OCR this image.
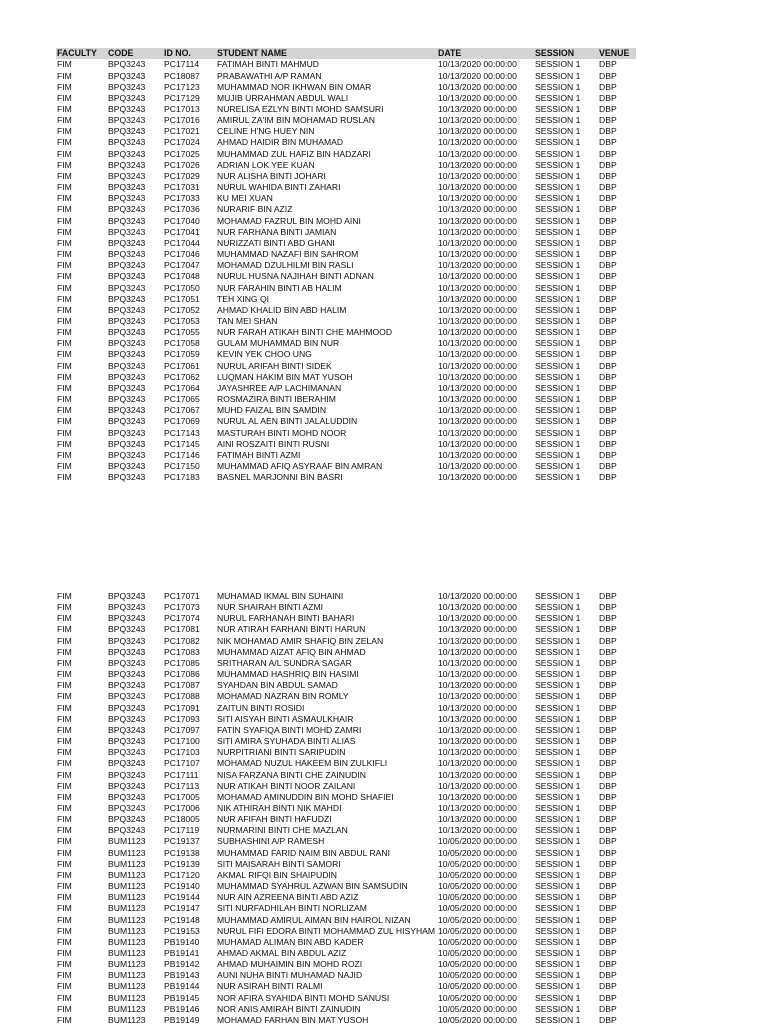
FACULTY CODE	ID NO.	STUDENT NAME	DATE	SESSION	VENUE
FIM	BPQ3243 PC17114 FATIMAH BINTI MAHMUD	10/13/2020 00:00:00 SESSION 1 DBP
FIM	BPQ3243 PC18087 PRABAWATHI A/P RAMAN	10/13/2020 00:00:00 SESSION 1 DBP
FIM	BPQ3243 PC17123 MUHAMMAD NOR IKHWAN BIN OMAR	10/13/2020 00:00:00 SESSION 1 DBP
FIM	BPQ3243 PC17129 MUJIB URRAHMAN ABDUL WALI	10/13/2020 00:00:00 SESSION 1 DBP
FIM	BPQ3243 PC17013 NURELISA EZLYN BINTI MOHD SAMSURI	10/13/2020 00:00:00 SESSION 1 DBP
FIM	BPQ3243 PC17016 AMIRUL ZA'IM BIN MOHAMAD RUSLAN	10/13/2020 00:00:00 SESSION 1 DBP
FIM	BPQ3243 PC17021 CELINE H'NG HUEY NIN	10/13/2020 00:00:00 SESSION 1 DBP
FIM	BPQ3243 PC17024 AHMAD HAIDIR BIN MUHAMAD	10/13/2020 00:00:00 SESSION 1 DBP
FIM	BPQ3243 PC17025 MUHAMMAD ZUL HAFIZ BIN HADZARI	10/13/2020 00:00:00 SESSION 1 DBP
FIM	BPQ3243 PC17026 ADRIAN LOK YEE KUAN	10/13/2020 00:00:00 SESSION 1 DBP
FIM	BPQ3243 PC17029 NUR ALISHA BINTI JOHARI	10/13/2020 00:00:00 SESSION 1 DBP
FIM	BPQ3243 PC17031 NURUL WAHIDA BINTI ZAHARI	10/13/2020 00:00:00 SESSION 1 DBP
FIM	BPQ3243 PC17033 KU MEI XUAN	10/13/2020 00:00:00 SESSION 1 DBP
FIM	BPQ3243 PC17036 NURARIF BIN AZIZ	10/13/2020 00:00:00 SESSION 1 DBP
FIM	BPQ3243 PC17040 MOHAMAD FAZRUL BIN MOHD AINI	10/13/2020 00:00:00 SESSION 1 DBP
FIM	BPQ3243 PC17041 NUR FARHANA BINTI JAMIAN	10/13/2020 00:00:00 SESSION 1 DBP
FIM	BPQ3243 PC17044 NURIZZATI BINTI ABD GHANI	10/13/2020 00:00:00 SESSION 1 DBP
FIM	BPQ3243 PC17046 MUHAMMAD NAZAFI BIN SAHROM	10/13/2020 00:00:00 SESSION 1 DBP
FIM	BPQ3243 PC17047 MOHAMAD DZULHILMI BIN RASLI	10/13/2020 00:00:00 SESSION 1 DBP
FIM	BPQ3243 PC17048 NURUL HUSNA NAJIHAH BINTI ADNAN	10/13/2020 00:00:00 SESSION 1 DBP
FIM	BPQ3243 PC17050 NUR FARAHIN BINTI AB HALIM	10/13/2020 00:00:00 SESSION 1 DBP
FIM	BPQ3243 PC17051 TEH XING QI	10/13/2020 00:00:00 SESSION 1 DBP
FIM	BPQ3243 PC17052 AHMAD KHALID BIN ABD HALIM	10/13/2020 00:00:00 SESSION 1 DBP
FIM	BPQ3243 PC17053 TAN MEI SHAN	10/13/2020 00:00:00 SESSION 1 DBP
FIM	BPQ3243 PC17055 NUR FARAH ATIKAH BINTI CHE MAHMOOD	10/13/2020 00:00:00 SESSION 1 DBP
FIM	BPQ3243 PC17058 GULAM MUHAMMAD BIN NUR	10/13/2020 00:00:00 SESSION 1 DBP
FIM	BPQ3243 PC17059 KEVIN YEK CHOO UNG	10/13/2020 00:00:00 SESSION 1 DBP
FIM	BPQ3243 PC17061 NURUL ARIFAH BINTI SIDEK	10/13/2020 00:00:00 SESSION 1 DBP
FIM	BPQ3243 PC17062 LUQMAN HAKIM BIN MAT YUSOH	10/13/2020 00:00:00 SESSION 1 DBP
FIM	BPQ3243 PC17064 JAYASHREE A/P LACHIMANAN	10/13/2020 00:00:00 SESSION 1 DBP
FIM	BPQ3243 PC17065 ROSMAZIRA BINTI IBERAHIM	10/13/2020 00:00:00 SESSION 1 DBP
FIM	BPQ3243 PC17067 MUHD FAIZAL BIN SAMDIN	10/13/2020 00:00:00 SESSION 1 DBP
FIM	BPQ3243 PC17069 NURUL AL AEN BINTI JALALUDDIN	10/13/2020 00:00:00 SESSION 1 DBP
FIM	BPQ3243 PC17143 MASTURAH BINTI MOHD NOOR	10/13/2020 00:00:00 SESSION 1 DBP
FIM	BPQ3243 PC17145 AINI ROSZAITI BINTI RUSNI	10/13/2020 00:00:00 SESSION 1 DBP
FIM	BPQ3243 PC17146 FATIMAH BINTI AZMI	10/13/2020 00:00:00 SESSION 1 DBP
FIM	BPQ3243 PC17150 MUHAMMAD AFIQ ASYRAAF BIN AMRAN	10/13/2020 00:00:00 SESSION 1 DBP
FIM	BPQ3243 PC17183 BASNEL MARJONNI BIN BASRI	10/13/2020 00:00:00 SESSION 1 DBP
FIM	BPQ3243 PC17071 MUHAMAD IKMAL BIN SUHAINI	10/13/2020 00:00:00 SESSION 1 DBP
FIM	BPQ3243 PC17073 NUR SHAIRAH BINTI AZMI	10/13/2020 00:00:00 SESSION 1 DBP
FIM	BPQ3243 PC17074 NURUL FARHANAH BINTI BAHARI	10/13/2020 00:00:00 SESSION 1 DBP
FIM	BPQ3243 PC17081 NUR ATIRAH FARHANI BINTI HARUN	10/13/2020 00:00:00 SESSION 1 DBP
FIM	BPQ3243 PC17082 NIK MOHAMAD AMIR SHAFIQ BIN ZELAN	10/13/2020 00:00:00 SESSION 1 DBP
FIM	BPQ3243 PC17083 MUHAMMAD AIZAT AFIQ BIN AHMAD	10/13/2020 00:00:00 SESSION 1 DBP
FIM	BPQ3243 PC17085 SRITHARAN A/L SUNDRA SAGAR	10/13/2020 00:00:00 SESSION 1 DBP
FIM	BPQ3243 PC17086 MUHAMMAD HASHRIQ BIN HASIMI	10/13/2020 00:00:00 SESSION 1 DBP
FIM	BPQ3243 PC17087 SYAHDAN BIN ABDUL SAMAD	10/13/2020 00:00:00 SESSION 1 DBP
FIM	BPQ3243 PC17088 MOHAMAD NAZRAN BIN ROMLY	10/13/2020 00:00:00 SESSION 1 DBP
FIM	BPQ3243 PC17091 ZAITUN BINTI ROSIDI	10/13/2020 00:00:00 SESSION 1 DBP
FIM	BPQ3243 PC17093 SITI AISYAH BINTI ASMAULKHAIR	10/13/2020 00:00:00 SESSION 1 DBP
FIM	BPQ3243 PC17097 FATIN SYAFIQA BINTI MOHD ZAMRI	10/13/2020 00:00:00 SESSION 1 DBP
FIM	BPQ3243 PC17100 SITI AMIRA SYUHADA BINTI ALIAS	10/13/2020 00:00:00 SESSION 1 DBP
FIM	BPQ3243 PC17103 NURPITRIANI BINTI SARIPUDIN	10/13/2020 00:00:00 SESSION 1 DBP
FIM	BPQ3243 PC17107 MOHAMAD NUZUL HAKEEM BIN ZULKIFLI	10/13/2020 00:00:00 SESSION 1 DBP
FIM	BPQ3243 PC17111 NISA FARZANA BINTI CHE ZAINUDIN	10/13/2020 00:00:00 SESSION 1 DBP
FIM	BPQ3243 PC17113 NUR ATIKAH BINTI NOOR ZAILANI	10/13/2020 00:00:00 SESSION 1 DBP
FIM	BPQ3243 PC17005 MOHAMAD AMINUDDIN BIN MOHD SHAFIEI	10/13/2020 00:00:00 SESSION 1 DBP
FIM	BPQ3243 PC17006 NIK ATHIRAH BINTI NIK MAHDI	10/13/2020 00:00:00 SESSION 1 DBP
FIM	BPQ3243 PC18005 NUR AFIFAH BINTI HAFUDZI	10/13/2020 00:00:00 SESSION 1 DBP
FIM	BPQ3243 PC17119 NURMARINI BINTI CHE MAZLAN	10/13/2020 00:00:00 SESSION 1 DBP
FIM	BUM1123 PC19137 SUBHASHINI A/P RAMESH	10/05/2020 00:00:00 SESSION 1 DBP
FIM	BUM1123 PC19138 MUHAMMAD FARID NAIM BIN ABDUL RANI	10/05/2020 00:00:00 SESSION 1 DBP
FIM	BUM1123 PC19139 SITI MAISARAH BINTI SAMORI	10/05/2020 00:00:00 SESSION 1 DBP
FIM	BUM1123 PC17120 AKMAL RIFQI BIN SHAIPUDIN	10/05/2020 00:00:00 SESSION 1 DBP
FIM	BUM1123 PC19140 MUHAMMAD SYAHRUL AZWAN BIN SAMSUDIN	10/05/2020 00:00:00 SESSION 1 DBP
FIM	BUM1123 PC19144 NUR AIN AZREENA BINTI ABD AZIZ	10/05/2020 00:00:00 SESSION 1 DBP
FIM	BUM1123 PC19147 SITI NURFADHILAH BINTI NORLIZAM	10/05/2020 00:00:00 SESSION 1 DBP
FIM	BUM1123 PC19148 MUHAMMAD AMIRUL AIMAN BIN HAIROL NIZAN	10/05/2020 00:00:00 SESSION 1 DBP
FIM	BUM1123 PC19153 NURUL FIFI EDORA BINTI MOHAMMAD ZUL HISYHAM 10/05/2020 00:00:00 SESSION 1 DBP
FIM	BUM1123 PB19140 MUHAMAD ALIMAN BIN ABD KADER	10/05/2020 00:00:00 SESSION 1 DBP
FIM	BUM1123 PB19141 AHMAD AKMAL BIN ABDUL AZIZ	10/05/2020 00:00:00 SESSION 1 DBP
FIM	BUM1123 PB19142 AHMAD MUHAIMIN BIN MOHD ROZI	10/05/2020 00:00:00 SESSION 1 DBP
FIM	BUM1123 PB19143 AUNI NUHA BINTI MUHAMAD NAJID	10/05/2020 00:00:00 SESSION 1 DBP
FIM	BUM1123 PB19144 NUR ASIRAH BINTI RALMI	10/05/2020 00:00:00 SESSION 1 DBP
FIM	BUM1123 PB19145 NOR AFIRA SYAHIDA BINTI MOHD SANUSI	10/05/2020 00:00:00 SESSION 1 DBP
FIM	BUM1123 PB19146 NOR ANIS AMIRAH BINTI ZAINUDIN	10/05/2020 00:00:00 SESSION 1 DBP
FIM	BUM1123 PB19149 MOHAMAD FARHAN BIN MAT YUSOH	10/05/2020 00:00:00 SESSION 1 DBP
